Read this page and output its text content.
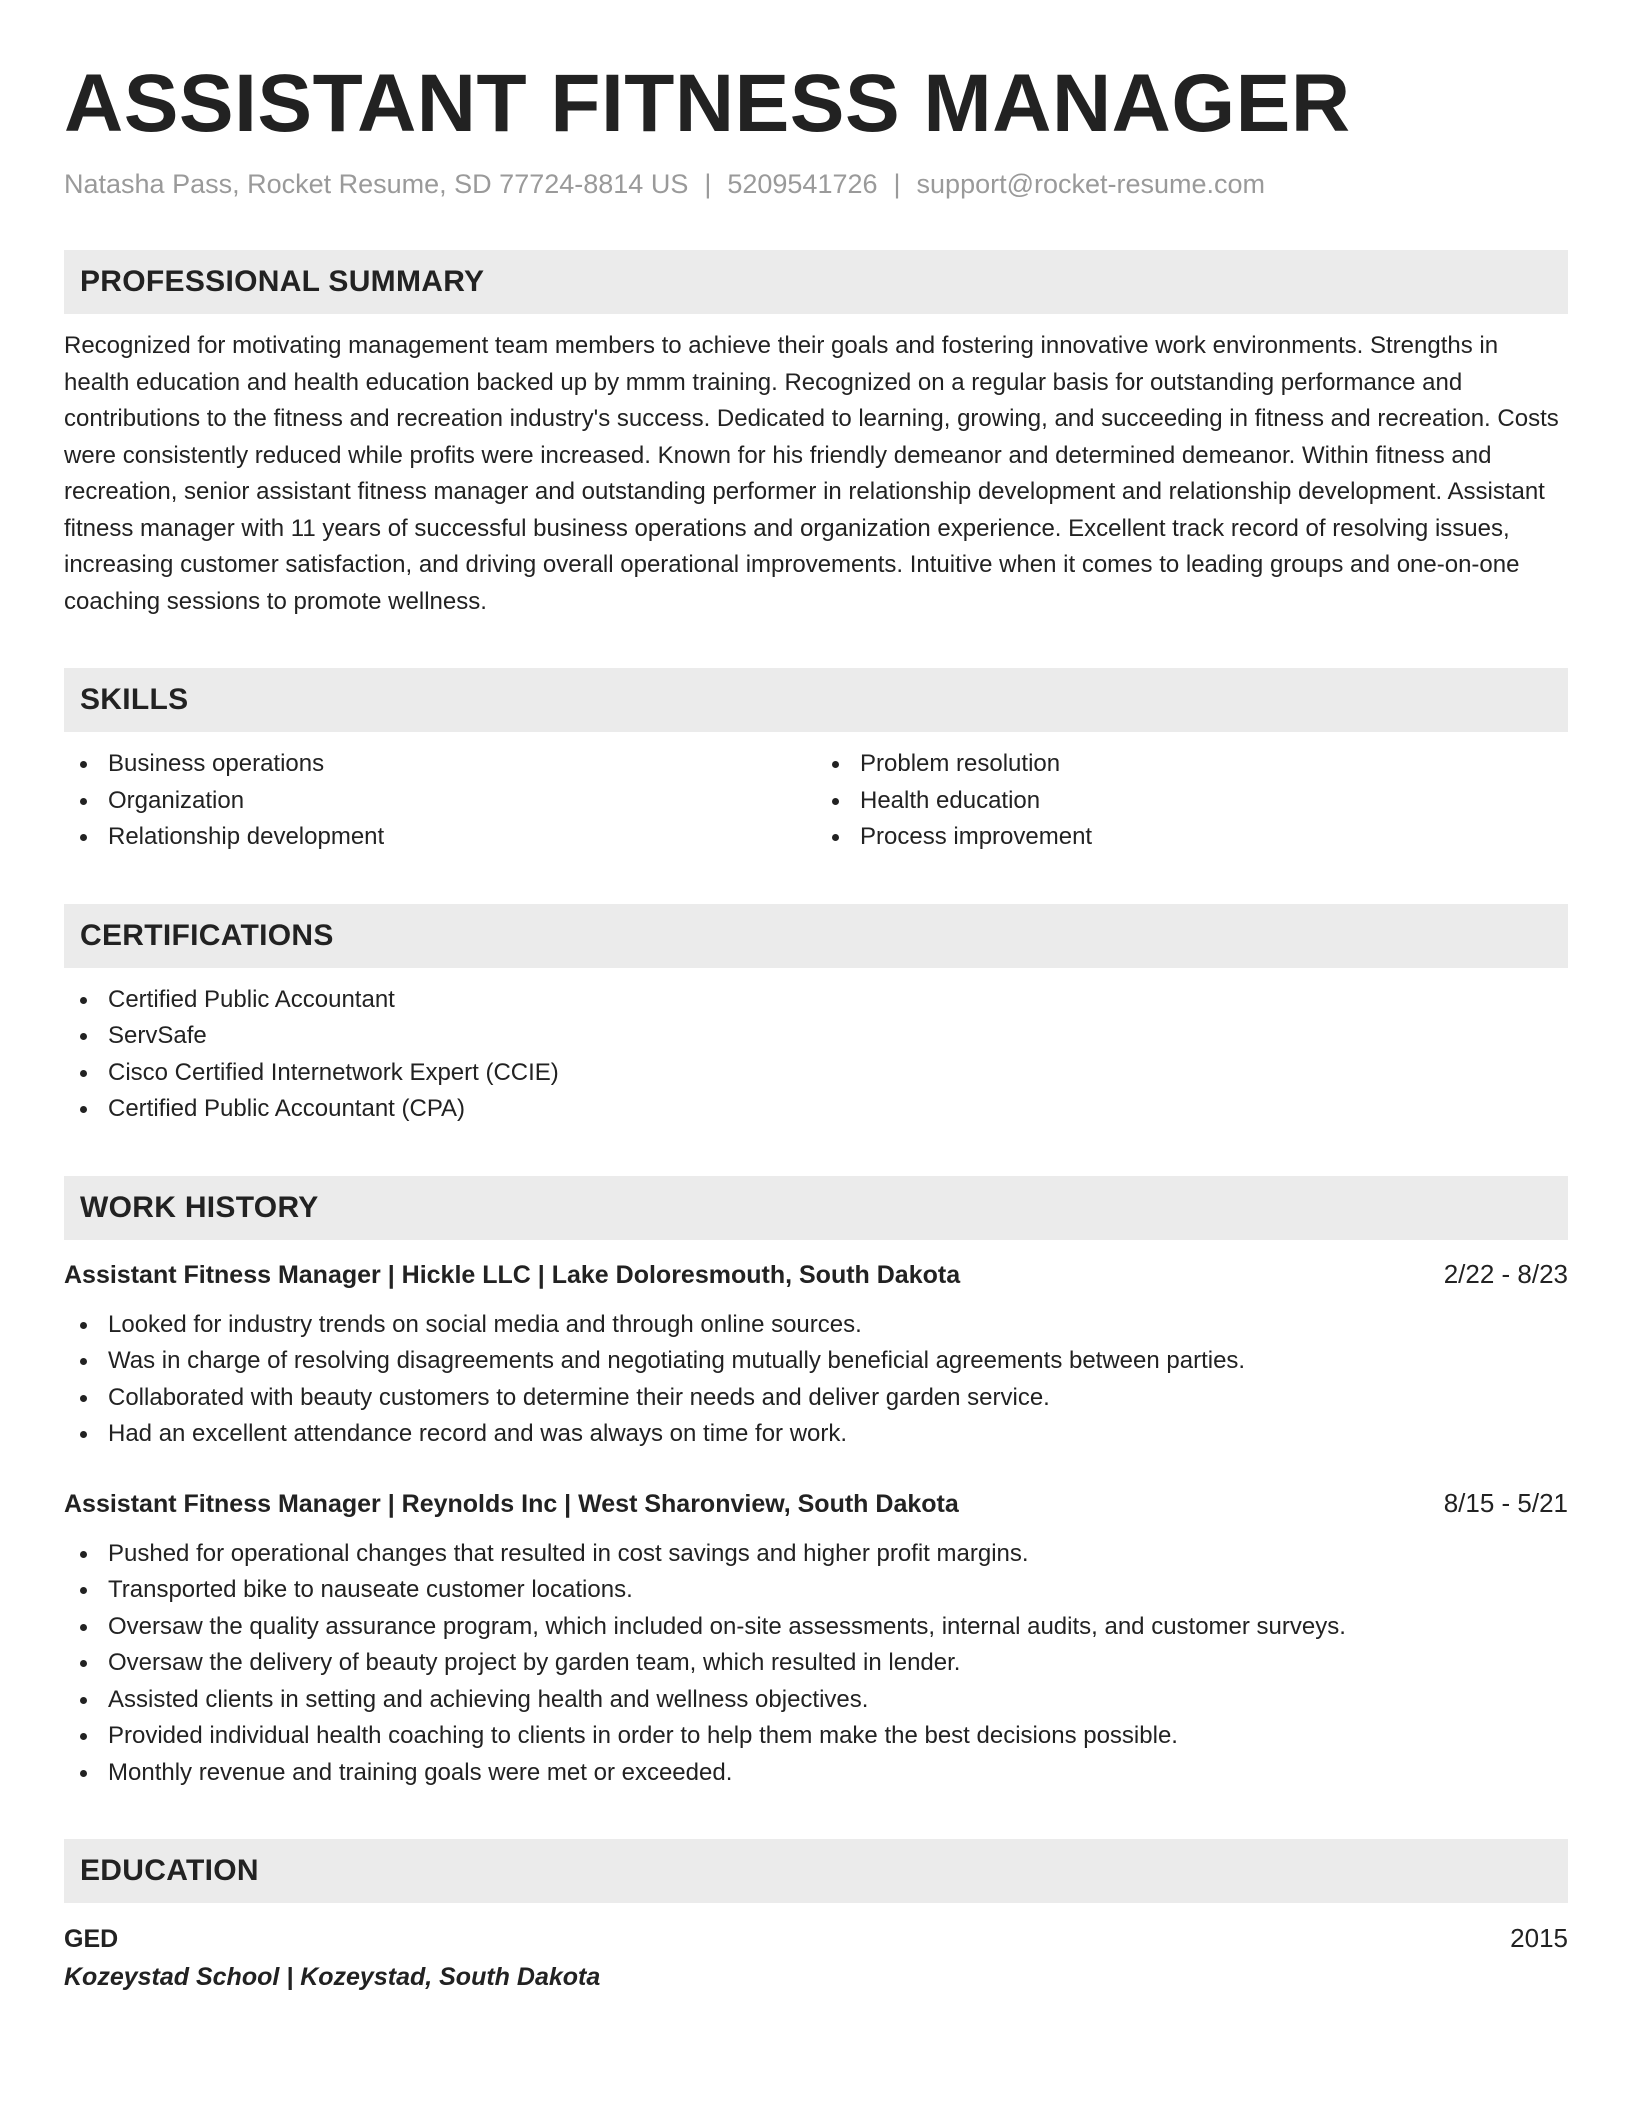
ASSISTANT FITNESS MANAGER
Natasha Pass, Rocket Resume, SD 77724-8814 US | 5209541726 | support@rocket-resume.com
PROFESSIONAL SUMMARY

Recognized for motivating management team members to achieve their goals and fostering innovative work environments. Strengths in health education and health education backed up by mmm training. Recognized on a regular basis for outstanding performance and contributions to the fitness and recreation industry's success. Dedicated to learning, growing, and succeeding in fitness and recreation. Costs were consistently reduced while profits were increased. Known for his friendly demeanor and determined demeanor. Within fitness and recreation, senior assistant fitness manager and outstanding performer in relationship development and relationship development. Assistant fitness manager with 11 years of successful business operations and organization experience. Excellent track record of resolving issues, increasing customer satisfaction, and driving overall operational improvements. Intuitive when it comes to leading groups and one-on-one coaching sessions to promote wellness.

SKILLS
Business operations
Organization
Relationship development
Problem resolution
Health education
Process improvement
CERTIFICATIONS
Certified Public Accountant
ServSafe
Cisco Certified Internetwork Expert (CCIE)
Certified Public Accountant (CPA)
WORK HISTORY
Assistant Fitness Manager | Hickle LLC | Lake Doloresmouth, South Dakota	2/22 - 8/23
Looked for industry trends on social media and through online sources.
Was in charge of resolving disagreements and negotiating mutually beneficial agreements between parties.
Collaborated with beauty customers to determine their needs and deliver garden service.
Had an excellent attendance record and was always on time for work.
Assistant Fitness Manager | Reynolds Inc | West Sharonview, South Dakota	8/15 - 5/21
Pushed for operational changes that resulted in cost savings and higher profit margins.
Transported bike to nauseate customer locations.
Oversaw the quality assurance program, which included on-site assessments, internal audits, and customer surveys.
Oversaw the delivery of beauty project by garden team, which resulted in lender.
Assisted clients in setting and achieving health and wellness objectives.
Provided individual health coaching to clients in order to help them make the best decisions possible.
Monthly revenue and training goals were met or exceeded.
EDUCATION
GED	2015
Kozeystad School | Kozeystad, South Dakota
